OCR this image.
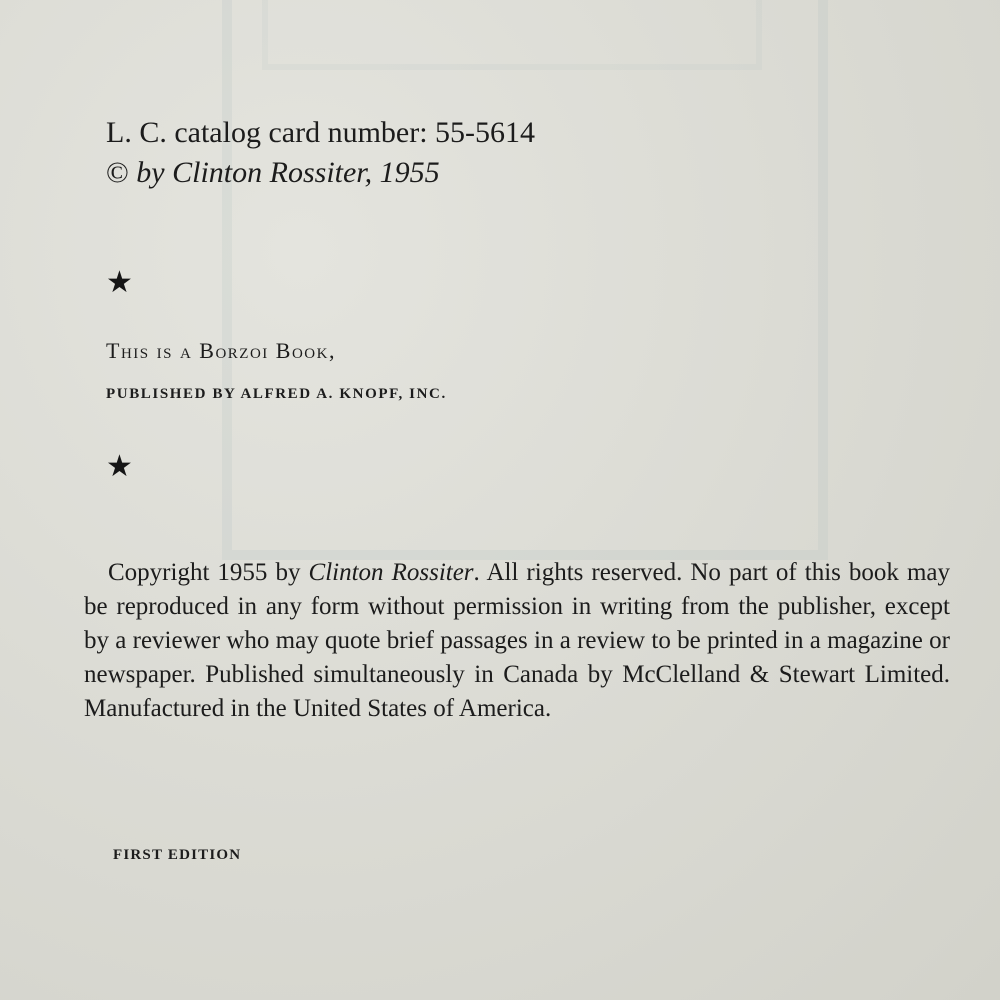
L. C. catalog card number: 55-5614
© by Clinton Rossiter, 1955
★
This is a Borzoi Book,
PUBLISHED BY ALFRED A. KNOPF, INC.
★

Copyright 1955 by Clinton Rossiter. All rights reserved. No part of this book may be reproduced in any form without permission in writing from the publisher, except by a reviewer who may quote brief passages in a review to be printed in a magazine or newspaper. Published simultaneously in Canada by McClelland & Stewart Limited. Manufactured in the United States of America.

FIRST EDITION
